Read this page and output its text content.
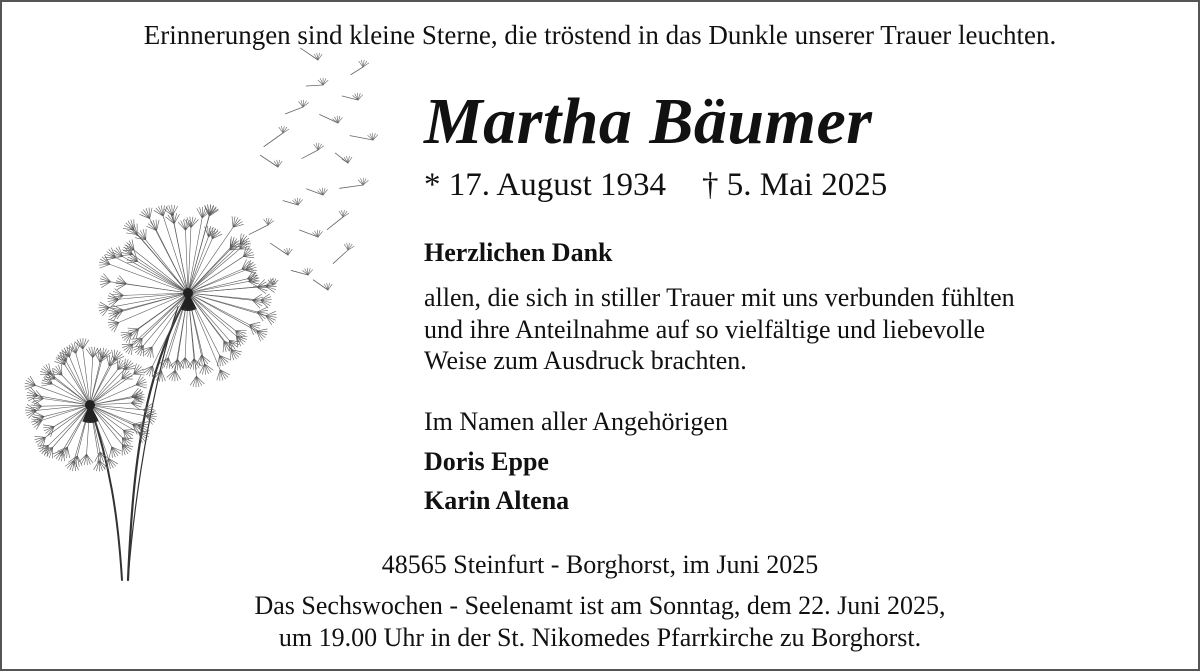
Erinnerungen sind kleine Sterne, die tröstend in das Dunkle unserer Trauer leuchten.
Martha Bäumer
* 17. August 1934 † 5. Mai 2025
Herzlichen Dank
allen, die sich in stiller Trauer mit uns verbunden fühlten
und ihre Anteilnahme auf so vielfältige und liebevolle
Weise zum Ausdruck brachten.
Im Namen aller Angehörigen
Doris Eppe
Karin Altena
48565 Steinfurt - Borghorst, im Juni 2025
Das Sechswochen - Seelenamt ist am Sonntag, dem 22. Juni 2025,
um 19.00 Uhr in der St. Nikomedes Pfarrkirche zu Borghorst.
